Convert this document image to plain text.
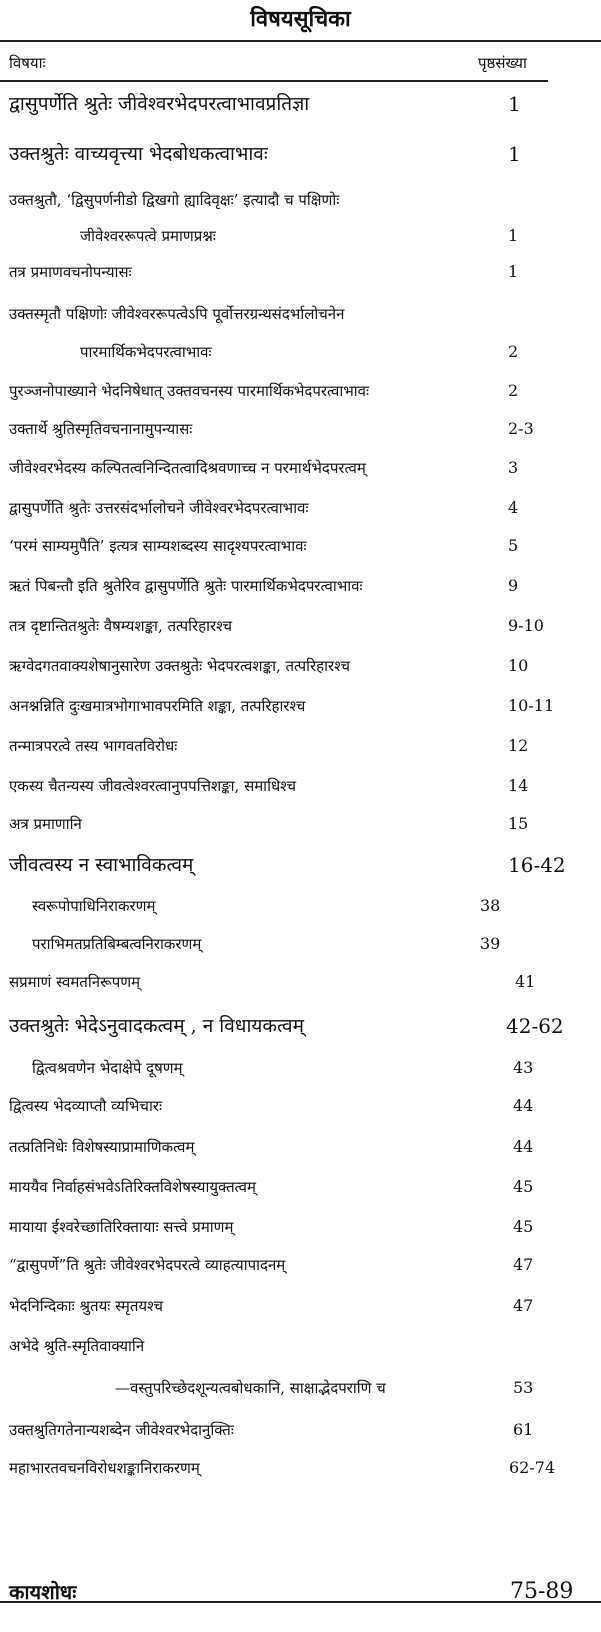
विषयसूचिका
विषयाः	पृष्ठसंख्या
द्वासुपर्णेति श्रुतेः जीवेश्वरभेदपरत्वाभावप्रतिज्ञा	1
उक्तश्रुतेः वाच्यवृत्त्या भेदबोधकत्वाभावः	1
उक्तश्रुतौ, ‘द्विसुपर्णनीडो द्विखगो ह्यादिवृक्षः’ इत्यादौ च पक्षिणोः
जीवेश्वररूपत्वे प्रमाणप्रश्नः	1
तत्र प्रमाणवचनोपन्यासः	1
उक्तस्मृतौ पक्षिणोः जीवेश्वररूपत्वेऽपि पूर्वोत्तरग्रन्थसंदर्भालोचनेन
पारमार्थिकभेदपरत्वाभावः	2
पुरञ्जनोपाख्याने भेदनिषेधात् उक्तवचनस्य पारमार्थिकभेदपरत्वाभावः	2
उक्तार्थे श्रुतिस्मृतिवचनानामुपन्यासः	2-3
जीवेश्वरभेदस्य कल्पितत्वनिन्दितत्वादिश्रवणाच्च न परमार्थभेदपरत्वम्	3
द्वासुपर्णेति श्रुतेः उत्तरसंदर्भालोचने जीवेश्वरभेदपरत्वाभावः	4
‘परमं साम्यमुपैति’ इत्यत्र साम्यशब्दस्य सादृश्यपरत्वाभावः	5
ऋतं पिबन्तौ इति श्रुतेरिव द्वासुपर्णेति श्रुतेः पारमार्थिकभेदपरत्वाभावः	9
तत्र दृष्टान्तितश्रुतेः वैषम्यशङ्का, तत्परिहारश्च	9-10
ऋग्वेदगतवाक्यशेषानुसारेण उक्तश्रुतेः भेदपरत्वशङ्का, तत्परिहारश्च	10
अनश्नन्निति दुःखमात्रभोगाभावपरमिति शङ्का, तत्परिहारश्च	10-11
तन्मात्रपरत्वे तस्य भागवतविरोधः	12
एकस्य चैतन्यस्य जीवत्वेश्वरत्वानुपपत्तिशङ्का, समाधिश्च	14
अत्र प्रमाणानि	15
जीवत्वस्य न स्वाभाविकत्वम्	16-42
स्वरूपोपाधिनिराकरणम्	38
पराभिमतप्रतिबिम्बत्वनिराकरणम्	39
सप्रमाणं स्वमतनिरूपणम्	41
उक्तश्रुतेः भेदेऽनुवादकत्वम् , न विधायकत्वम्	42-62
द्वित्वश्रवणेन भेदाक्षेपे दूषणम्	43
द्वित्वस्य भेदव्याप्तौ व्यभिचारः	44
तत्प्रतिनिधेः विशेषस्याप्रामाणिकत्वम्	44
माययैव निर्वाहसंभवेऽतिरिक्तविशेषस्यायुक्तत्वम्	45
मायाया ईश्वरेच्छातिरिक्तायाः सत्त्वे प्रमाणम्	45
“द्वासुपर्णे”ति श्रुतेः जीवेश्वरभेदपरत्वे व्याहत्यापादनम्	47
भेदनिन्दिकाः श्रुतयः स्मृतयश्च	47
अभेदे श्रुति-स्मृतिवाक्यानि
—वस्तुपरिच्छेदशून्यत्वबोधकानि, साक्षाद्भेदपराणि च	53
उक्तश्रुतिगतेनान्यशब्देन जीवेश्वरभेदानुक्तिः	61
महाभारतवचनविरोधशङ्कानिराकरणम्	62-74
कायशोधः	75-89
